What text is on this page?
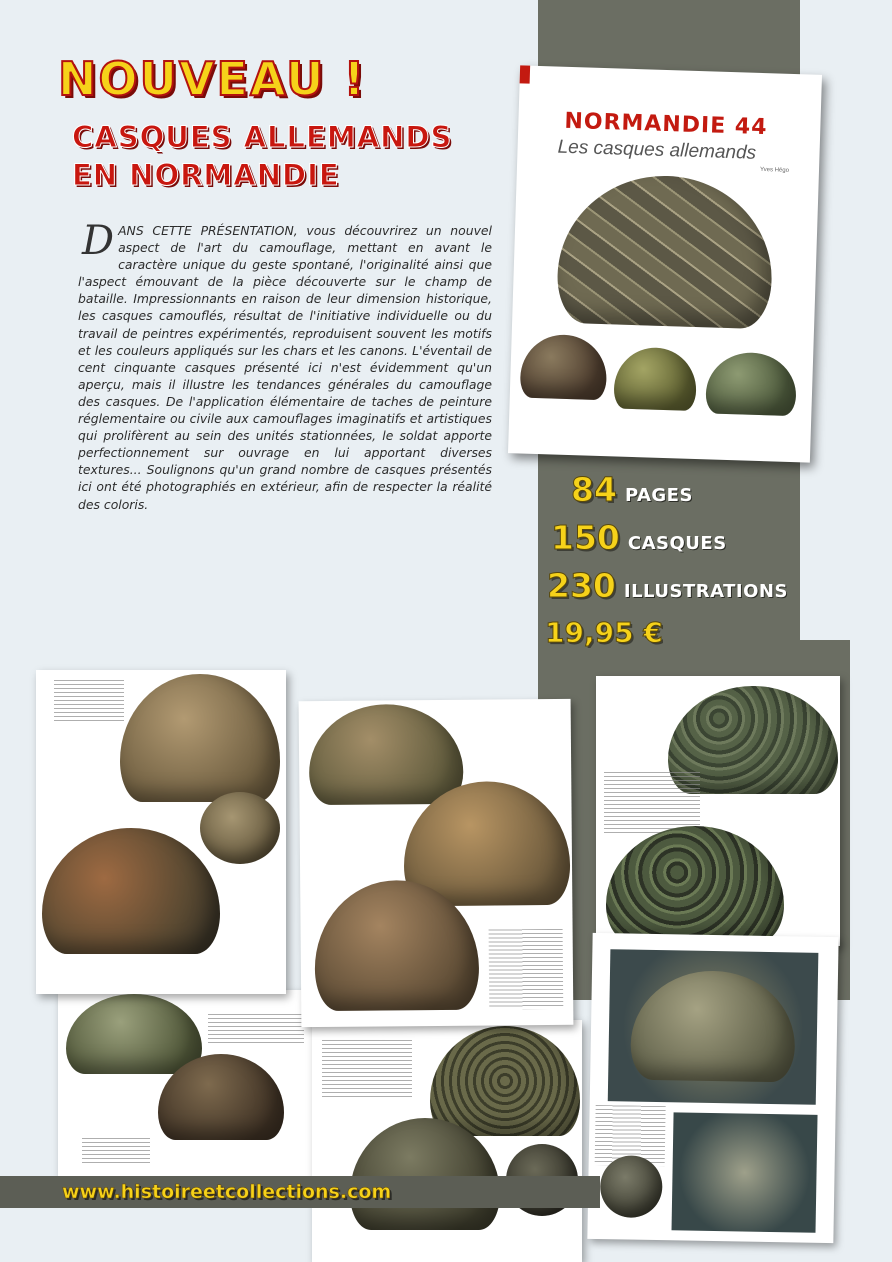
NOUVEAU !
CASQUES ALLEMANDS
EN NORMANDIE
D ANS CETTE PRÉSENTATION, vous découvrirez un nouvel aspect de l'art du camouflage, mettant en avant le caractère unique du geste spontané, l'originalité ainsi que l'aspect émouvant de la pièce découverte sur le champ de bataille. Impressionnants en raison de leur dimension historique, les casques camouflés, résultat de l'initiative individuelle ou du travail de peintres expérimentés, reproduisent souvent les motifs et les couleurs appliqués sur les chars et les canons. L'éventail de cent cinquante casques présenté ici n'est évidemment qu'un aperçu, mais il illustre les tendances générales du camouflage des casques. De l'application élémentaire de taches de peinture réglementaire ou civile aux camouflages imaginatifs et artistiques qui prolifèrent au sein des unités stationnées, le soldat apporte perfectionnement sur ouvrage en lui apportant diverses textures... Soulignons qu'un grand nombre de casques présentés ici ont été photographiés en extérieur, afin de respecter la réalité des coloris.
NORMANDIE 44
Les casques allemands
Yves Hégo
84 PAGES
150 CASQUES
230 ILLUSTRATIONS
19,95 €
www.histoireetcollections.com
